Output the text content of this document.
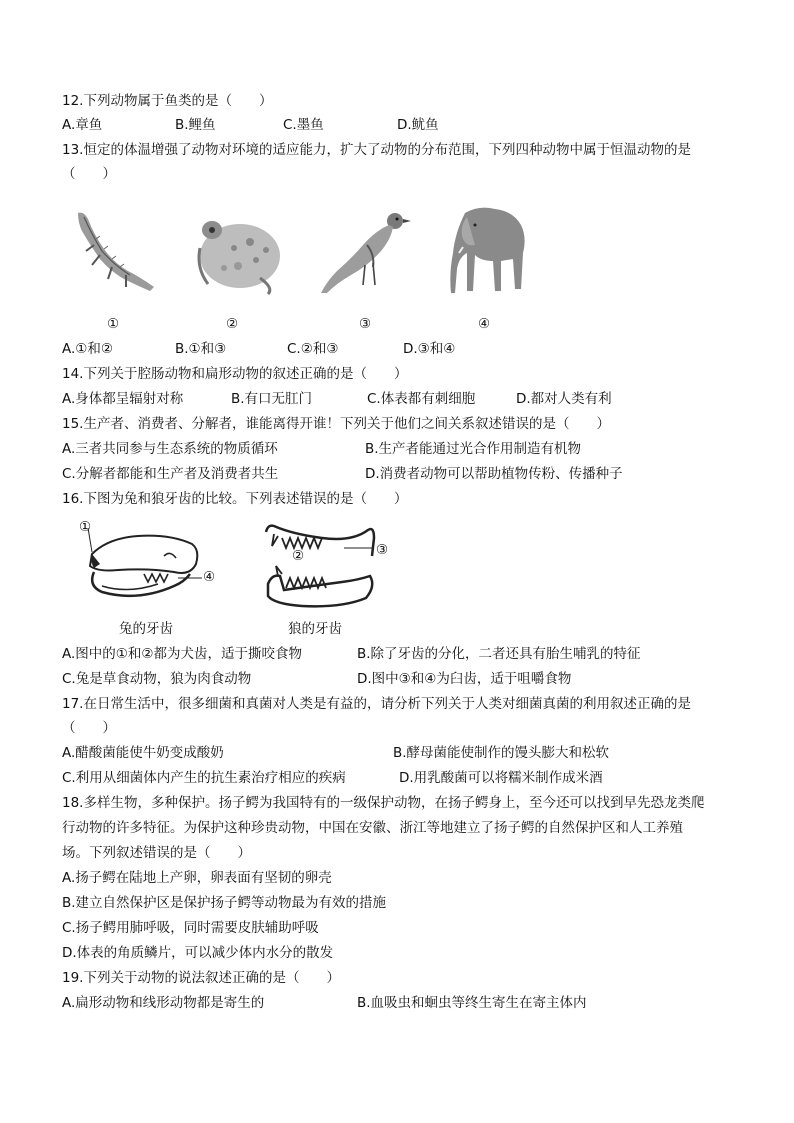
12.下列动物属于鱼类的是（　　）
A.章鱼	B.鲤鱼	C.墨鱼	D.鱿鱼
13.恒定的体温增强了动物对环境的适应能力，扩大了动物的分布范围，下列四种动物中属于恒温动物的是
（　　）
①	②	③	④
A.①和②	B.①和③	C.②和③	D.③和④
14.下列关于腔肠动物和扁形动物的叙述正确的是（　　）
A.身体都呈辐射对称	B.有口无肛门	C.体表都有刺细胞	D.都对人类有利
15.生产者、消费者、分解者，谁能离得开谁！下列关于他们之间关系叙述错误的是（　　）
A.三者共同参与生态系统的物质循环	B.生产者能通过光合作用制造有机物
C.分解者都能和生产者及消费者共生	D.消费者动物可以帮助植物传粉、传播种子
16.下图为兔和狼牙齿的比较。下列表述错误的是（　　）
①
④
②	③
兔的牙齿	狼的牙齿
A.图中的①和②都为犬齿，适于撕咬食物	B.除了牙齿的分化，二者还具有胎生哺乳的特征
C.兔是草食动物，狼为肉食动物	D.图中③和④为臼齿，适于咀嚼食物
17.在日常生活中，很多细菌和真菌对人类是有益的，请分析下列关于人类对细菌真菌的利用叙述正确的是
（　　）
A.醋酸菌能使牛奶变成酸奶	B.酵母菌能使制作的馒头膨大和松软
C.利用从细菌体内产生的抗生素治疗相应的疾病	D.用乳酸菌可以将糯米制作成米酒
18.多样生物，多种保护。扬子鳄为我国特有的一级保护动物，在扬子鳄身上，至今还可以找到早先恐龙类爬
行动物的许多特征。为保护这种珍贵动物，中国在安徽、浙江等地建立了扬子鳄的自然保护区和人工养殖
场。下列叙述错误的是（　　）
A.扬子鳄在陆地上产卵，卵表面有坚韧的卵壳
B.建立自然保护区是保护扬子鳄等动物最为有效的措施
C.扬子鳄用肺呼吸，同时需要皮肤辅助呼吸
D.体表的角质鳞片，可以减少体内水分的散发
19.下列关于动物的说法叙述正确的是（　　）
A.扁形动物和线形动物都是寄生的	B.血吸虫和蛔虫等终生寄生在寄主体内
